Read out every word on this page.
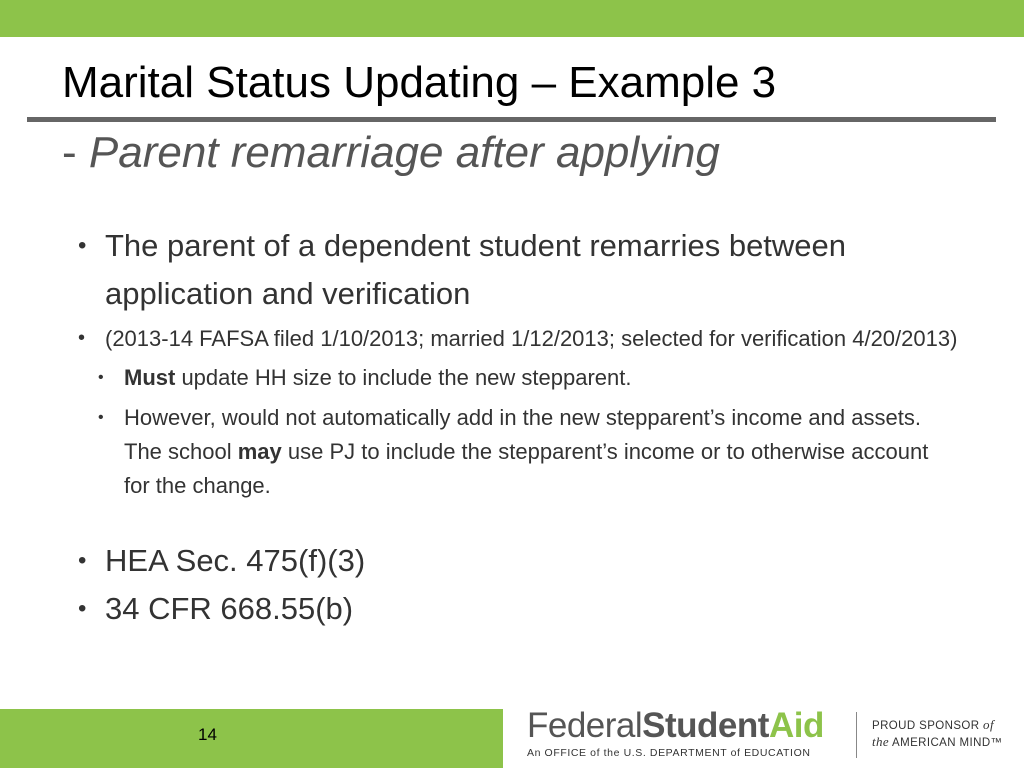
Marital Status Updating – Example 3
- Parent remarriage after applying
• The parent of a dependent student remarries between application and verification
• (2013-14 FAFSA filed 1/10/2013; married 1/12/2013; selected for verification 4/20/2013)
• Must update HH size to include the new stepparent.
• However, would not automatically add in the new stepparent’s income and assets. The school may use PJ to include the stepparent’s income or to otherwise account for the change.
• HEA Sec. 475(f)(3)
• 34 CFR 668.55(b)
14	FederalStudentAid
An OFFICE of the U.S. DEPARTMENT of EDUCATION
PROUD SPONSOR of
the AMERICAN MIND™
